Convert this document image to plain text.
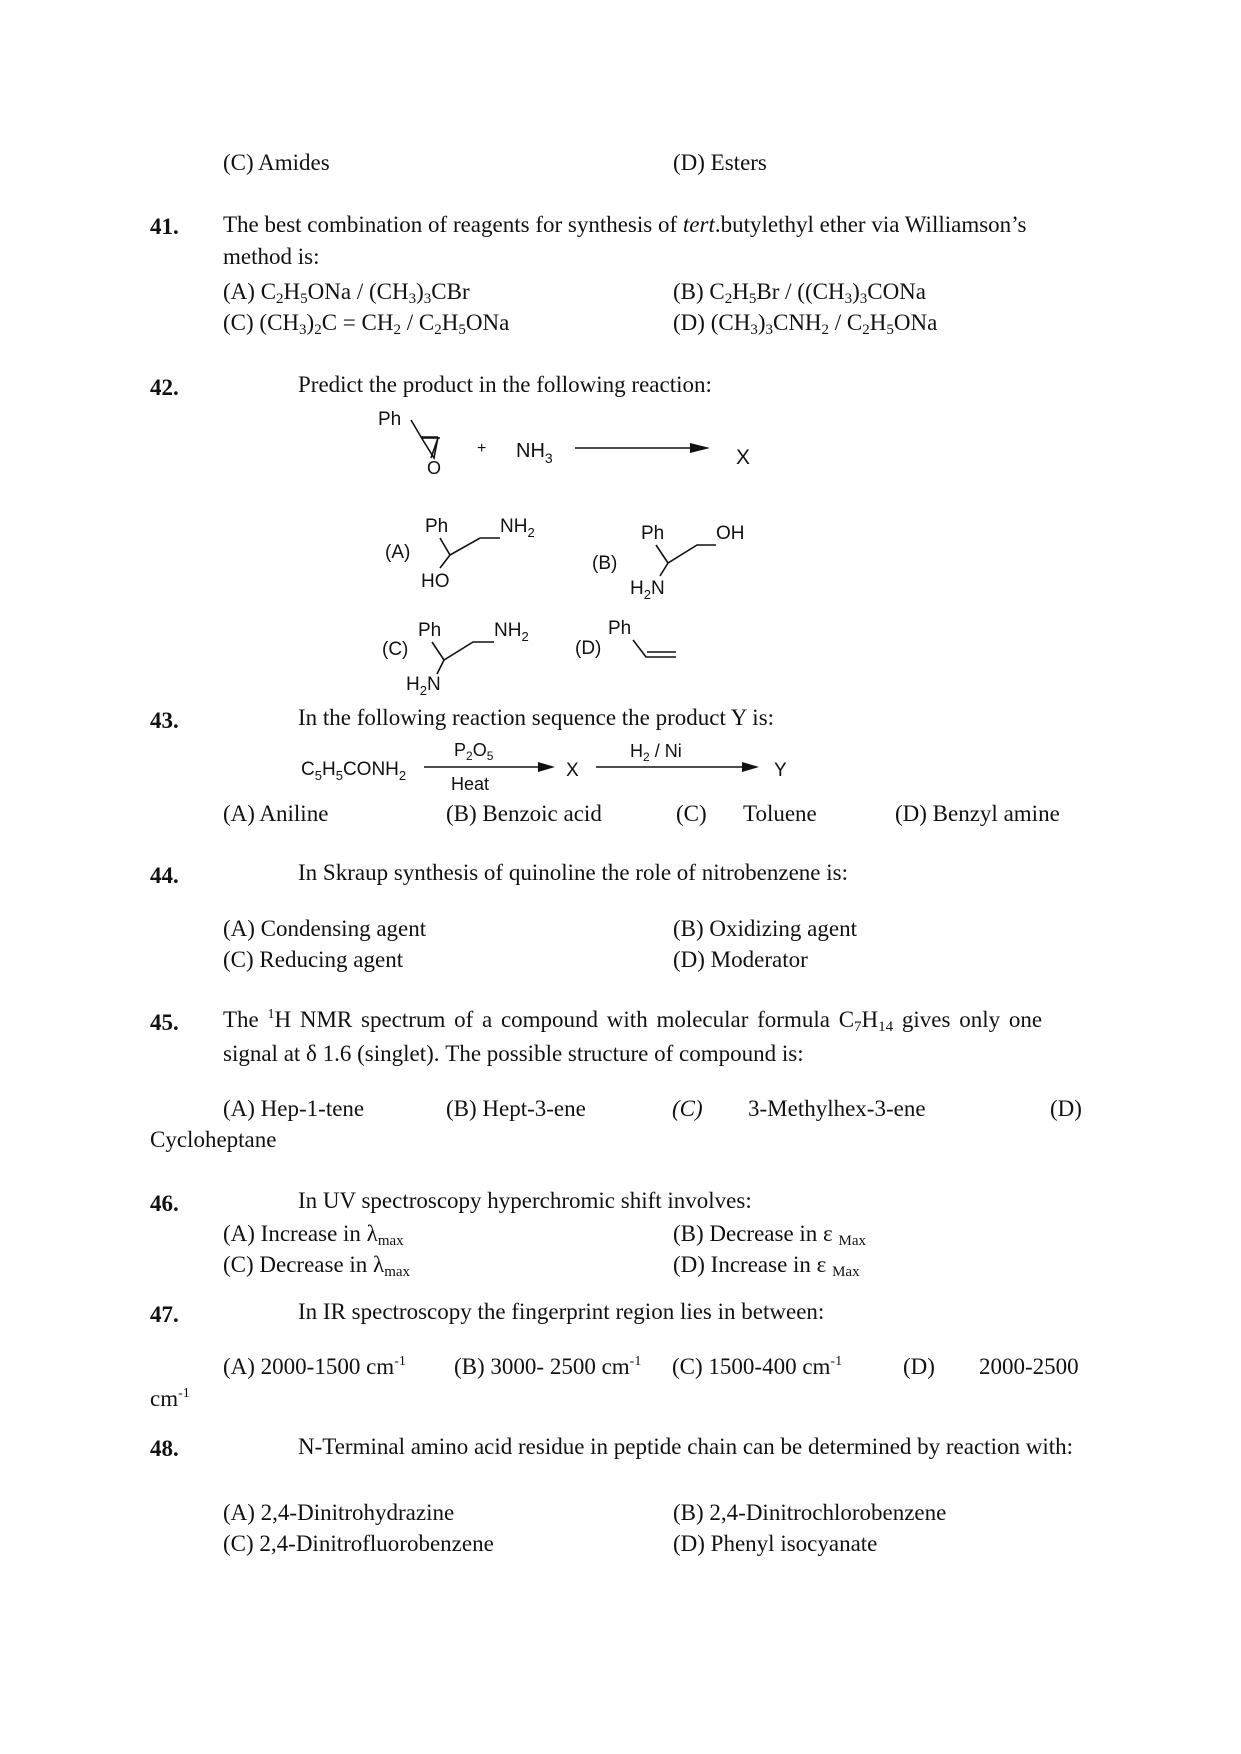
(C) Amides	(D) Esters
41. The best combination of reagents for synthesis of tert.butylethyl ether via Williamson’s method is:
(A) $C_2H_5ONa / (CH_3)_3CBr$	(B) $C_2H_5Br$ / ($(CH_3)_3CONa$
(C) $(CH_3)_2C = CH_2 / C_2H_5ONa$	(D) $(CH_3)_3CNH_2 / C_2H_5ONa$
42.	Predict the product in the following reaction:
Ph
O
+ $NH_3$	X
(A)
Ph	$NH_2$
HO
(B)
Ph	OH
$H_2N$
(C)
Ph	$NH_2$
$H_2N$
(D)
Ph
$C_5H_5CONH_2$
$P_2O_5$
Heat
X
$H_2$ / Ni
Y
43.	In the following reaction sequence the product Y is:
(A) Aniline	(B) Benzoic acid	(C) Toluene	(D) Benzyl amine
44.	In Skraup synthesis of quinoline the role of nitrobenzene is:
(A) Condensing agent	(B) Oxidizing agent
(C) Reducing agent	(D) Moderator
45. The $^1$H NMR spectrum of a compound with molecular formula $C_7H_{14}$ gives only one
signal at δ 1.6 (singlet). The possible structure of compound is:
(A) Hep-1-tene	(B) Hept-3-ene	(C) 3-Methylhex-3-ene	(D)
Cycloheptane
46.	In UV spectroscopy hyperchromic shift involves:
(A) Increase in $\lambda_{max}$	(B) Decrease in ε $_{Max}$
(C) Decrease in $\lambda_{max}$	(D) Increase in ε $_{Max}$
47.	In IR spectroscopy the fingerprint region lies in between:
(A) 2000-1500 $cm^{-1}$ (B) 3000- 2500 $cm^{-1}$ (C) 1500-400 $cm^{-1}$	(D) 2000-2500
$cm^{-1}$
48.	N-Terminal amino acid residue in peptide chain can be determined by reaction with:
(A) 2,4-Dinitrohydrazine	(B) 2,4-Dinitrochlorobenzene
(C) 2,4-Dinitrofluorobenzene	(D) Phenyl isocyanate
